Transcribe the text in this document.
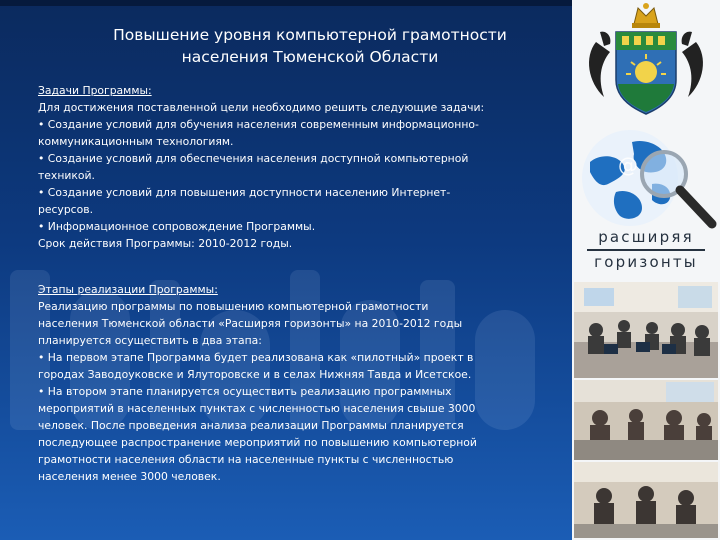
Повышение уровня компьютерной грамотности
населения Тюменской Области
Задачи Программы:
Для достижения поставленной цели необходимо решить следующие задачи:
• Создание условий для обучения населения современным информационно-
коммуникационным технологиям.
• Создание условий для обеспечения населения доступной компьютерной
техникой.
• Создание условий для повышения доступности населению Интернет-
ресурсов.
• Информационное сопровождение Программы.
Срок действия Программы: 2010-2012 годы.
Этапы реализации Программы:
Реализацию программы по повышению компьютерной грамотности
населения Тюменской области «Расширяя горизонты» на 2010-2012 годы
планируется осуществить в два этапа:
• На первом этапе Программа будет реализована как «пилотный» проект в
городах Заводоуковске и Ялуторовске и в селах Нижняя Тавда и Исетское.
• На втором этапе планируется осуществить реализацию программных
мероприятий в населенных пунктах с численностью населения свыше 3000
человек. После проведения анализа реализации Программы планируется
последующее распространение мероприятий по повышению компьютерной
грамотности населения области на населенные пункты с численностью
населения менее 3000 человек.
@
расширяя
горизонты
